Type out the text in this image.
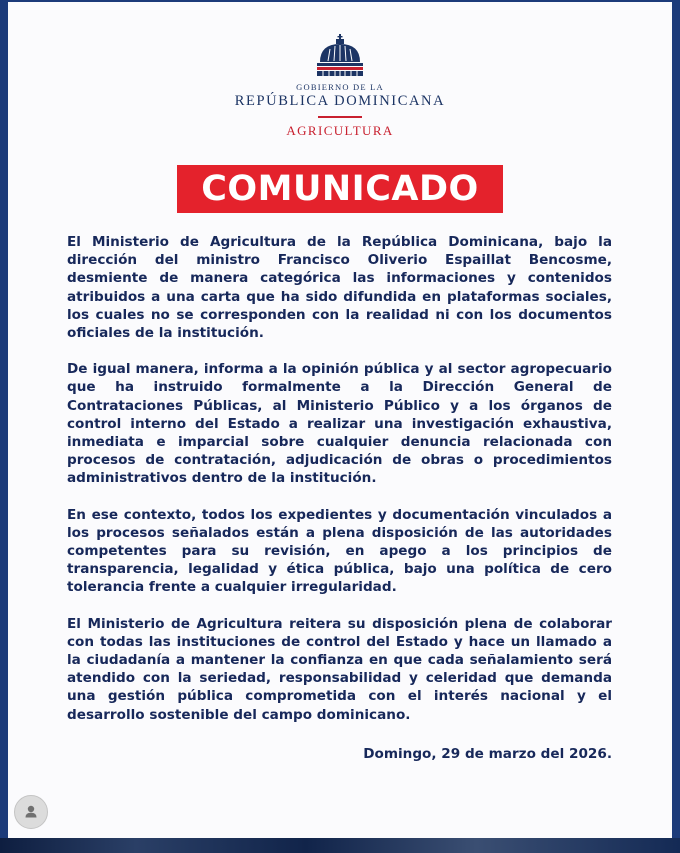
GOBIERNO DE LA
REPÚBLICA DOMINICANA
AGRICULTURA
COMUNICADO

El Ministerio de Agricultura de la República Dominicana, bajo la dirección del ministro Francisco Oliverio Espaillat Bencosme, desmiente de manera categórica las informaciones y contenidos atribuidos a una carta que ha sido difundida en plataformas sociales, los cuales no se corresponden con la realidad ni con los documentos oficiales de la institución.

De igual manera, informa a la opinión pública y al sector agropecuario que ha instruido formalmente a la Dirección General de Contrataciones Públicas, al Ministerio Público y a los órganos de control interno del Estado a realizar una investigación exhaustiva, inmediata e imparcial sobre cualquier denuncia relacionada con procesos de contratación, adjudicación de obras o procedimientos administrativos dentro de la institución.

En ese contexto, todos los expedientes y documentación vinculados a los procesos señalados están a plena disposición de las autoridades competentes para su revisión, en apego a los principios de transparencia, legalidad y ética pública, bajo una política de cero tolerancia frente a cualquier irregularidad.

El Ministerio de Agricultura reitera su disposición plena de colaborar con todas las instituciones de control del Estado y hace un llamado a la ciudadanía a mantener la confianza en que cada señalamiento será atendido con la seriedad, responsabilidad y celeridad que demanda una gestión pública comprometida con el interés nacional y el desarrollo sostenible del campo dominicano.

Domingo, 29 de marzo del 2026.
